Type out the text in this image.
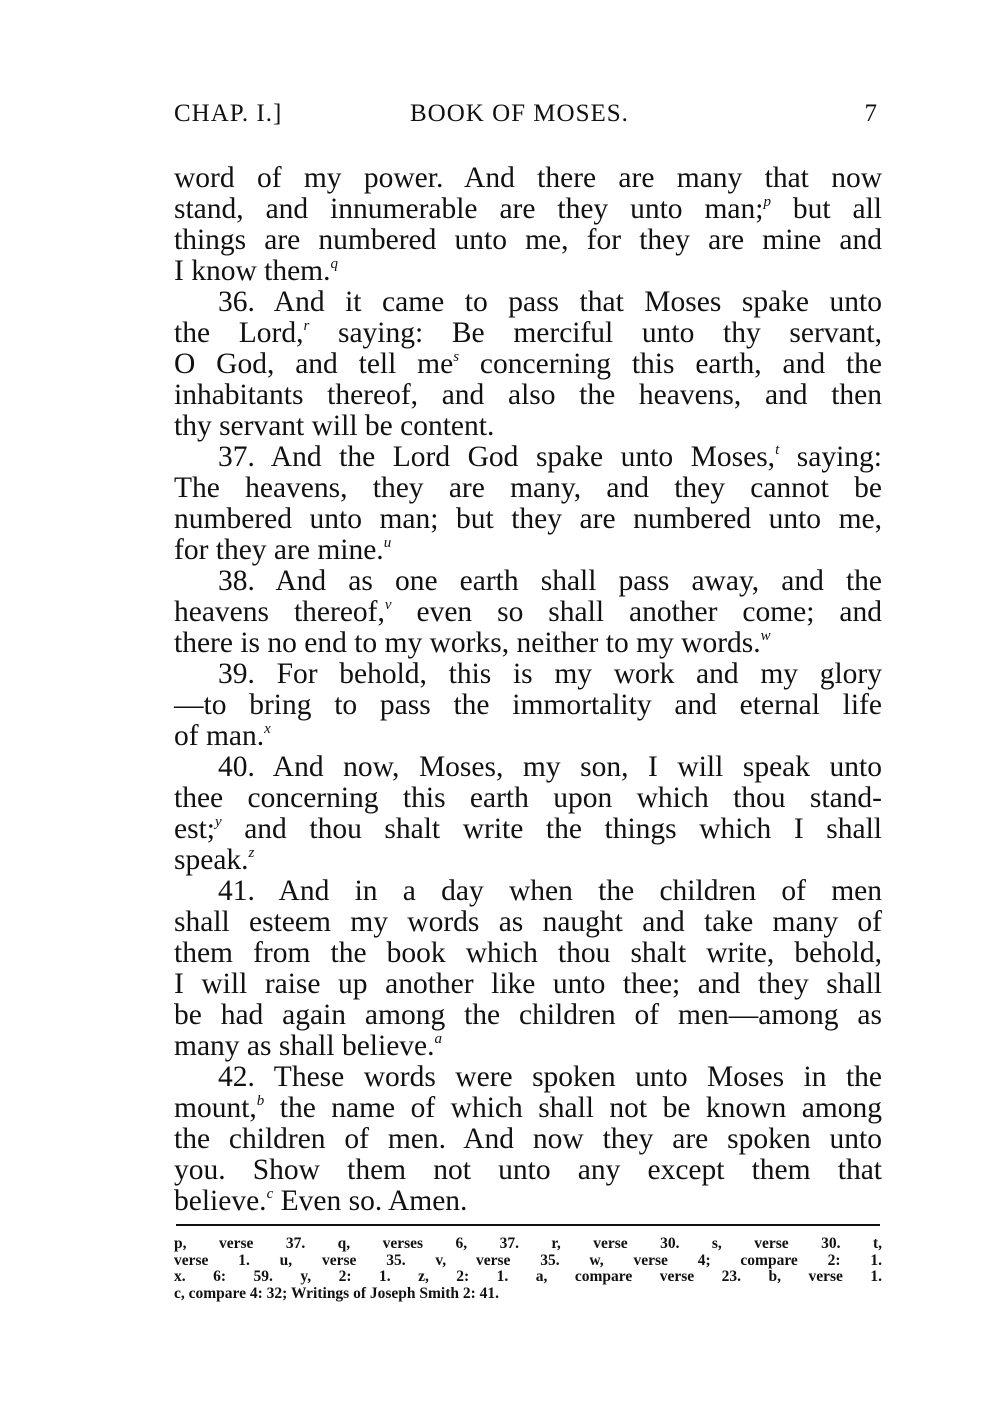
CHAP. I.]	BOOK OF MOSES.	7
word of my power. And there are many that now
stand, and innumerable are they unto man;$^p$ but all
things are numbered unto me, for they are mine and
I know them.$^q$
36. And it came to pass that Moses spake unto
the Lord,$^r$ saying: Be merciful unto thy servant,
O God, and tell $me^s$ concerning this earth, and the
inhabitants thereof, and also the heavens, and then
thy servant will be content.
37. And the Lord God spake unto Moses,$^t$ saying:
The heavens, they are many, and they cannot be
numbered unto man; but they are numbered unto me,
for they are mine.$^u$
38. And as one earth shall pass away, and the
heavens thereof,$^v$ even so shall another come; and
there is no end to my works, neither to my words.$^w$
39. For behold, this is my work and my glory
—to bring to pass the immortality and eternal life
of man.$^x$
40. And now, Moses, my son, I will speak unto
thee concerning this earth upon which thou stand-
est;$^y$ and thou shalt write the things which I shall
speak.$^z$
41. And in a day when the children of men
shall esteem my words as naught and take many of
them from the book which thou shalt write, behold,
I will raise up another like unto thee; and they shall
be had again among the children of men—among as
many as shall believe.$^a$
42. These words were spoken unto Moses in the
mount,$^b$ the name of which shall not be known among
the children of men. And now they are spoken unto
you. Show them not unto any except them that
believe.$^c$ Even so. Amen.
p, verse 37. q, verses 6, 37. r, verse 30. s, verse 30. t,
verse 1. u, verse 35. v, verse 35. w, verse 4; compare 2: 1.
x. 6: 59. y, 2: 1. z, 2: 1. a, compare verse 23. b, verse 1.
c, compare 4: 32; Writings of Joseph Smith 2: 41.
